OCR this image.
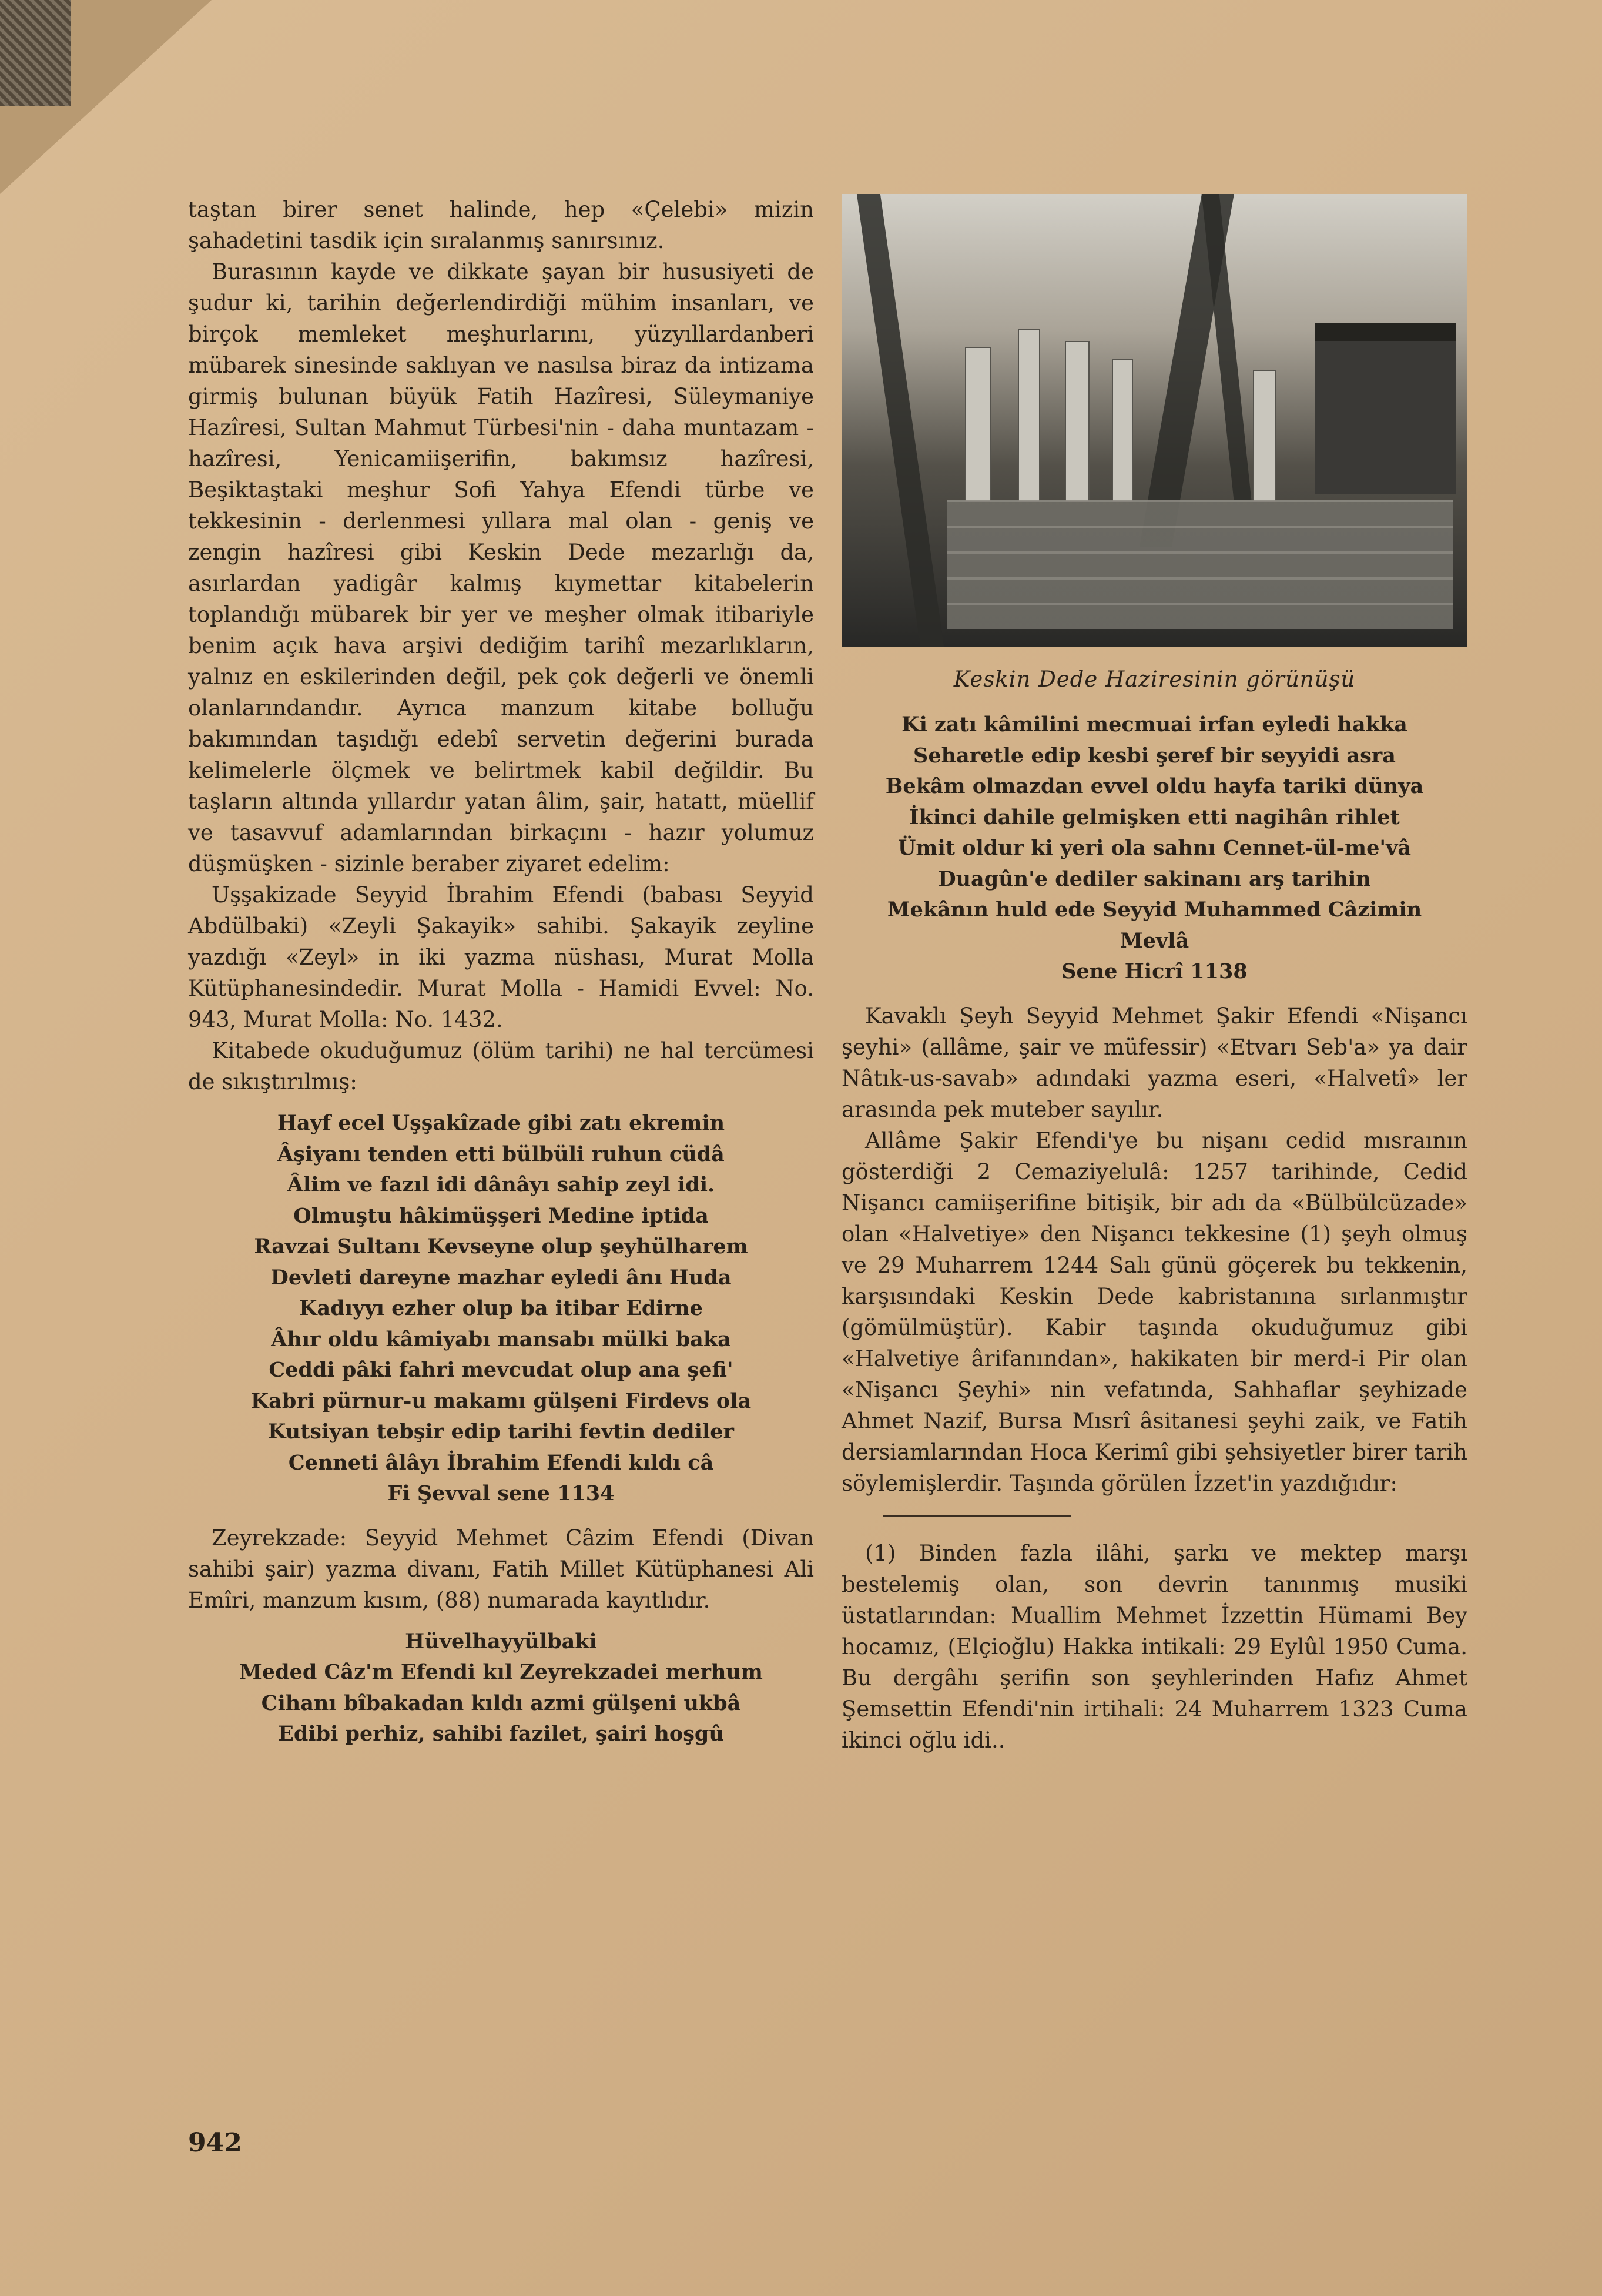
taştan birer senet halinde, hep «Çelebi» mizin şahadetini tasdik için sıralanmış sanırsınız.

Burasının kayde ve dikkate şayan bir hususiyeti de şudur ki, tarihin değerlendirdiği mühim insanları, ve birçok memleket meşhurlarını, yüzyıllardanberi mübarek sinesinde saklıyan ve nasılsa biraz da intizama girmiş bulunan büyük Fatih Hazîresi, Süleymaniye Hazîresi, Sultan Mahmut Türbesi'nin - daha muntazam - hazîresi, Yenicamiişerifin, bakımsız hazîresi, Beşiktaştaki meşhur Sofi Yahya Efendi türbe ve tekkesinin - derlenmesi yıllara mal olan - geniş ve zengin hazîresi gibi Keskin Dede mezarlığı da, asırlardan yadigâr kalmış kıymettar kitabelerin toplandığı mübarek bir yer ve meşher olmak itibariyle benim açık hava arşivi dediğim tarihî mezarlıkların, yalnız en eskilerinden değil, pek çok değerli ve önemli olanlarındandır. Ayrıca manzum kitabe bolluğu bakımından taşıdığı edebî servetin değerini burada kelimelerle ölçmek ve belirtmek kabil değildir. Bu taşların altında yıllardır yatan âlim, şair, hatatt, müellif ve tasavvuf adamlarından birkaçını - hazır yolumuz düşmüşken - sizinle beraber ziyaret edelim:

Uşşakizade Seyyid İbrahim Efendi (babası Seyyid Abdülbaki) «Zeyli Şakayik» sahibi. Şakayik zeyline yazdığı «Zeyl» in iki yazma nüshası, Murat Molla Kütüphanesindedir. Murat Molla - Hamidi Evvel: No. 943, Murat Molla: No. 1432.

Kitabede okuduğumuz (ölüm tarihi) ne hal tercümesi de sıkıştırılmış:

Hayf ecel Uşşakîzade gibi zatı ekremin

Âşiyanı tenden etti bülbüli ruhun cüdâ

Âlim ve fazıl idi dânâyı sahip zeyl idi.

Olmuştu hâkimüşşeri Medine iptida

Ravzai Sultanı Kevseyne olup şeyhülharem

Devleti dareyne mazhar eyledi ânı Huda

Kadıyyı ezher olup ba itibar Edirne

Âhır oldu kâmiyabı mansabı mülki baka

Ceddi pâki fahri mevcudat olup ana şefi'

Kabri pürnur-u makamı gülşeni Firdevs ola

Kutsiyan tebşir edip tarihi fevtin dediler

Cenneti âlâyı İbrahim Efendi kıldı câ

Fi Şevval sene 1134

Zeyrekzade: Seyyid Mehmet Câzim Efendi (Divan sahibi şair) yazma divanı, Fatih Millet Kütüphanesi Ali Emîri, manzum kısım, (88) numarada kayıtlıdır.

Hüvelhayyülbaki

Meded Câz'm Efendi kıl Zeyrekzadei merhum

Cihanı bîbakadan kıldı azmi gülşeni ukbâ

Edibi perhiz, sahibi fazilet, şairi hoşgû

Keskin Dede Haziresinin görünüşü

Ki zatı kâmilini mecmuai irfan eyledi hakka

Seharetle edip kesbi şeref bir seyyidi asra

Bekâm olmazdan evvel oldu hayfa tariki dünya

İkinci dahile gelmişken etti nagihân rihlet

Ümit oldur ki yeri ola sahnı Cennet-ül-me'vâ

Duagûn'e dediler sakinanı arş tarihin

Mekânın huld ede Seyyid Muhammed Câzimin

Mevlâ

Sene Hicrî 1138

Kavaklı Şeyh Seyyid Mehmet Şakir Efendi «Nişancı şeyhi» (allâme, şair ve müfessir) «Etvarı Seb'a» ya dair Nâtık-us-savab» adındaki yazma eseri, «Halvetî» ler arasında pek muteber sayılır.

Allâme Şakir Efendi'ye bu nişanı cedid mısraının gösterdiği 2 Cemaziyelulâ: 1257 tarihinde, Cedid Nişancı camiişerifine bitişik, bir adı da «Bülbülcüzade» olan «Halvetiye» den Nişancı tekkesine (1) şeyh olmuş ve 29 Muharrem 1244 Salı günü göçerek bu tekkenin, karşısındaki Keskin Dede kabristanına sırlanmıştır (gömülmüştür). Kabir taşında okuduğumuz gibi «Halvetiye ârifanından», hakikaten bir merd-i Pir olan «Nişancı Şeyhi» nin vefatında, Sahhaflar şeyhizade Ahmet Nazif, Bursa Mısrî âsitanesi şeyhi zaik, ve Fatih dersiamlarından Hoca Kerimî gibi şehsiyetler birer tarih söylemişlerdir. Taşında görülen İzzet'in yazdığıdır:

(1) Binden fazla ilâhi, şarkı ve mektep marşı bestelemiş olan, son devrin tanınmış musiki üstatlarından: Muallim Mehmet İzzettin Hümami Bey hocamız, (Elçioğlu) Hakka intikali: 29 Eylûl 1950 Cuma. Bu dergâhı şerifin son şeyhlerinden Hafız Ahmet Şemsettin Efendi'nin irtihali: 24 Muharrem 1323 Cuma ikinci oğlu idi..

942
